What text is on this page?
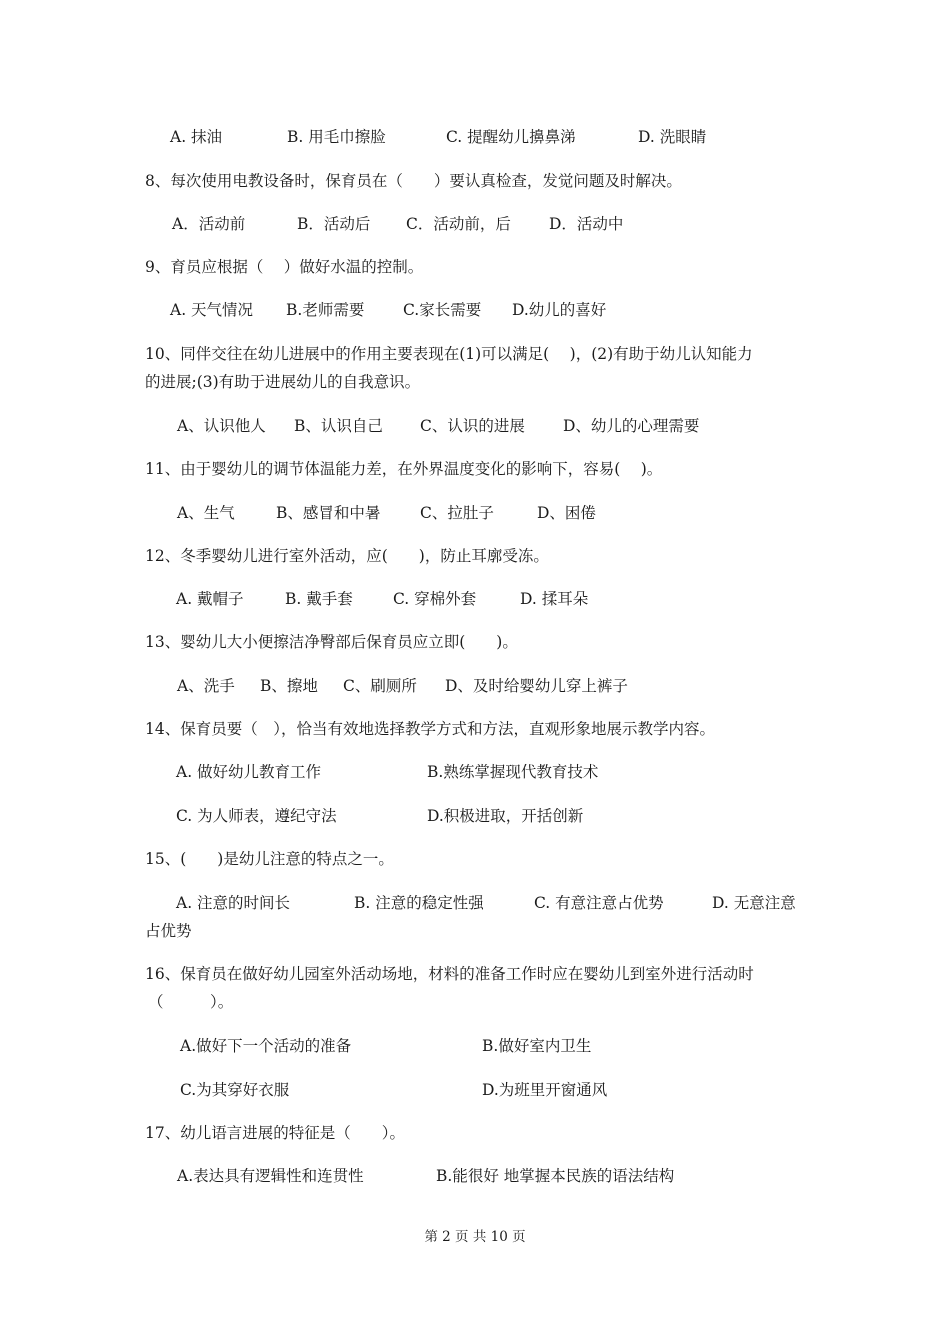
A. 抹油	B. 用毛巾擦脸	C. 提醒幼儿擤鼻涕	D. 洗眼睛
8、每次使用电教设备时，保育员在（　　）要认真检查，发觉问题及时解决。
A．活动前	B．活动后 C．活动前，后 D．活动中
9、育员应根据（　 ）做好水温的控制。
A. 天气情况 B.老师需要 C.家长需要 D.幼儿的喜好
10、同伴交往在幼儿进展中的作用主要表现在(1)可以满足(　 )，(2)有助于幼儿认知能力
的进展;(3)有助于进展幼儿的自我意识。
A、认识他人 B、认识自己 C、认识的进展 D、幼儿的心理需要
11、由于婴幼儿的调节体温能力差，在外界温度变化的影响下，容易(　 )。
A、生气	B、感冒和中暑	C、拉肚子	D、困倦
12、冬季婴幼儿进行室外活动，应(　　)，防止耳廓受冻。
A. 戴帽子	B. 戴手套	C. 穿棉外套	D. 揉耳朵
13、婴幼儿大小便擦洁净臀部后保育员应立即(　　)。
A、洗手 B、擦地 C、刷厕所 D、及时给婴幼儿穿上裤子
14、保育员要（　），恰当有效地选择教学方式和方法，直观形象地展示教学内容。
A. 做好幼儿教育工作	B.熟练掌握现代教育技术
C. 为人师表，遵纪守法	D.积极进取，开括创新
15、(　　)是幼儿注意的特点之一。
A. 注意的时间长	B. 注意的稳定性强	C. 有意注意占优势	D. 无意注意
占优势
16、保育员在做好幼儿园室外活动场地，材料的准备工作时应在婴幼儿到室外进行活动时
（　　　）。
A.做好下一个活动的准备	B.做好室内卫生
C.为其穿好衣服	D.为班里开窗通风
17、幼儿语言进展的特征是（　　）。
A.表达具有逻辑性和连贯性	B.能很好 地掌握本民族的语法结构
第 2 页 共 10 页
